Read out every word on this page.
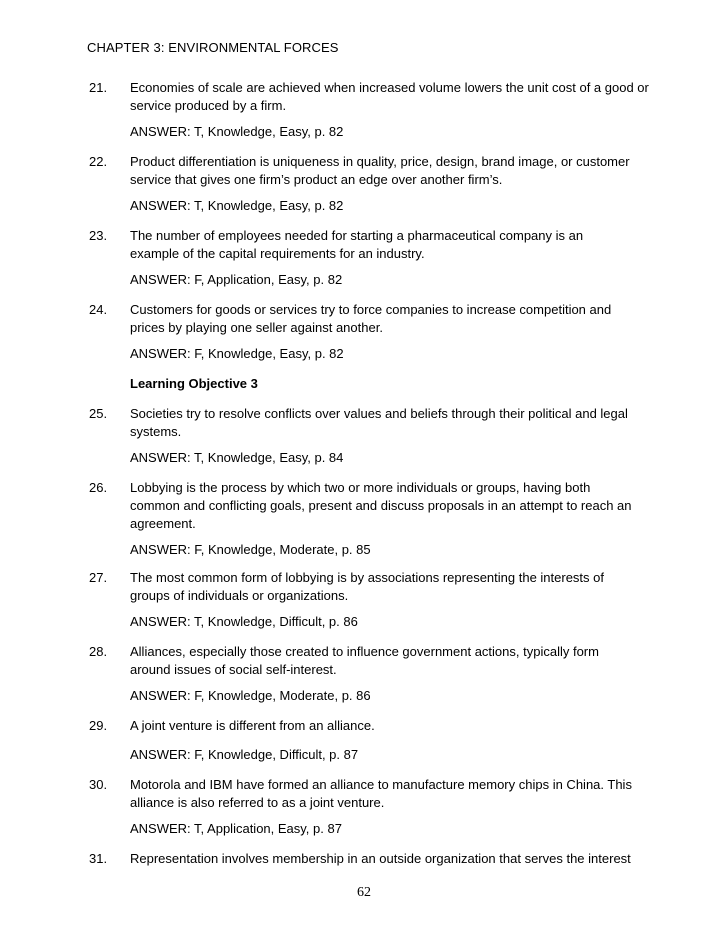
CHAPTER 3: ENVIRONMENTAL FORCES
21. Economies of scale are achieved when increased volume lowers the unit cost of a good or service produced by a firm.
ANSWER: T, Knowledge, Easy, p. 82
22. Product differentiation is uniqueness in quality, price, design, brand image, or customer service that gives one firm’s product an edge over another firm’s.
ANSWER: T, Knowledge, Easy, p. 82
23. The number of employees needed for starting a pharmaceutical company is an example of the capital requirements for an industry.
ANSWER: F, Application, Easy, p. 82
24. Customers for goods or services try to force companies to increase competition and prices by playing one seller against another.
ANSWER: F, Knowledge, Easy, p. 82
Learning Objective 3
25. Societies try to resolve conflicts over values and beliefs through their political and legal systems.
ANSWER: T, Knowledge, Easy, p. 84
26. Lobbying is the process by which two or more individuals or groups, having both common and conflicting goals, present and discuss proposals in an attempt to reach an agreement.
ANSWER: F, Knowledge, Moderate, p. 85
27. The most common form of lobbying is by associations representing the interests of groups of individuals or organizations.
ANSWER: T, Knowledge, Difficult, p. 86
28. Alliances, especially those created to influence government actions, typically form around issues of social self-interest.
ANSWER: F, Knowledge, Moderate, p. 86
29. A joint venture is different from an alliance.
ANSWER: F, Knowledge, Difficult, p. 87
30. Motorola and IBM have formed an alliance to manufacture memory chips in China. This alliance is also referred to as a joint venture.
ANSWER: T, Application, Easy, p. 87
31. Representation involves membership in an outside organization that serves the interest
62
